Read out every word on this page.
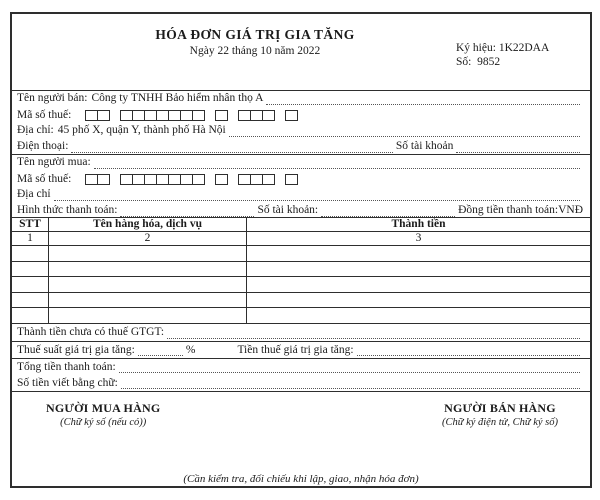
HÓA ĐƠN GIÁ TRỊ GIA TĂNG
Ngày 22 tháng 10 năm 2022	Ký hiệu: 1K22DAA
Số: 9852
Tên người bán: Công ty TNHH Bảo hiểm nhân thọ A
Mã số thuế:
Địa chỉ: 45 phố X, quận Y, thành phố Hà Nội
Điện thoại:	Số tài khoản
Tên người mua:
Mã số thuế:
Địa chỉ
Hình thức thanh toán:	Số tài khoản:	Đồng tiền thanh toán: VNĐ
STT	Tên hàng hóa, dịch vụ	Thành tiền
1	2	3
Thành tiền chưa có thuế GTGT:
Thuế suất giá trị gia tăng:	%	Tiền thuế giá trị gia tăng:
Tổng tiền thanh toán:
Số tiền viết bằng chữ:
NGƯỜI MUA HÀNG
(Chữ ký số (nếu có))
NGƯỜI BÁN HÀNG
(Chữ ký điện tử, Chữ ký số)
(Cần kiểm tra, đối chiếu khi lập, giao, nhận hóa đơn)
